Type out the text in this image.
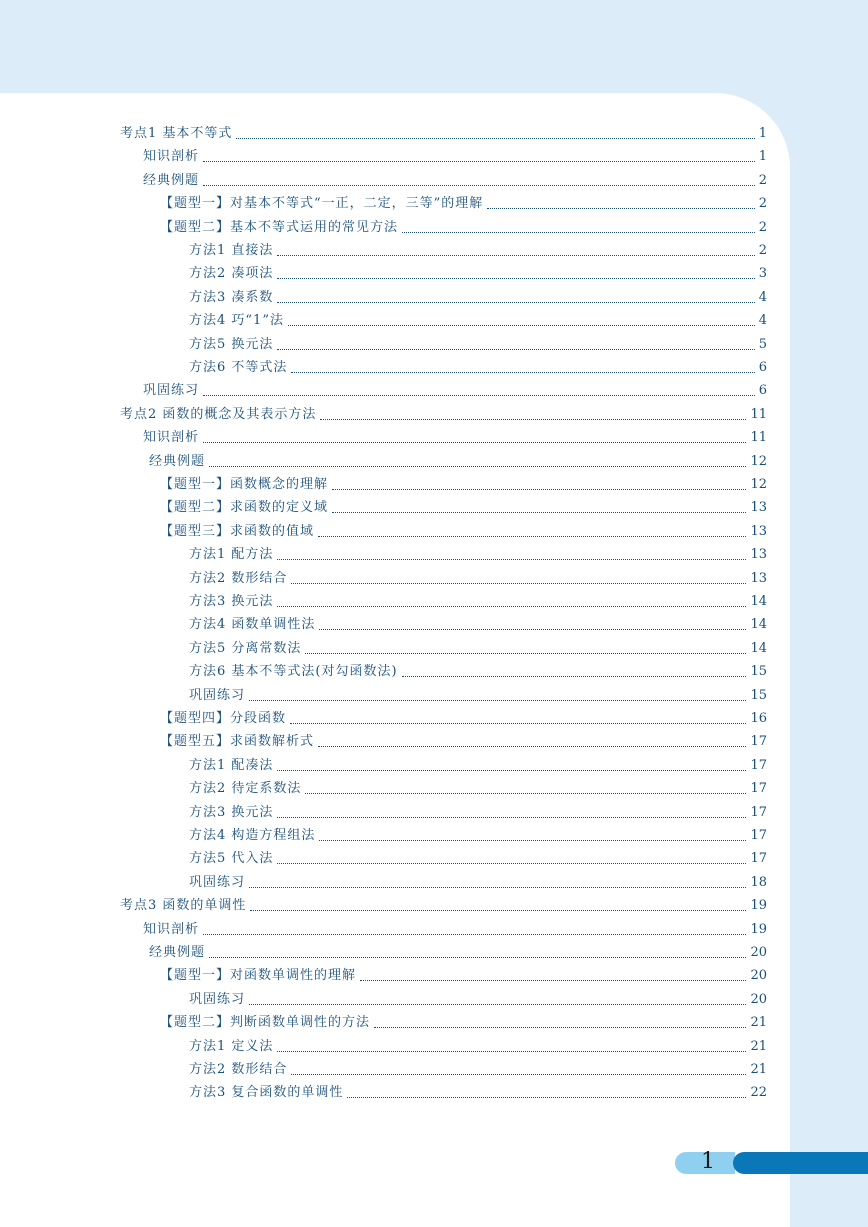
考点1 基本不等式	1
知识剖析	1
经典例题	2
【题型一】对基本不等式“一正，二定，三等”的理解	2
【题型二】基本不等式运用的常见方法	2
方法1 直接法	2
方法2 凑项法	3
方法3 凑系数	4
方法4 巧“1”法	4
方法5 换元法	5
方法6 不等式法	6
巩固练习	6
考点2 函数的概念及其表示方法	11
知识剖析	11
经典例题	12
【题型一】函数概念的理解	12
【题型二】求函数的定义域	13
【题型三】求函数的值域	13
方法1 配方法	13
方法2 数形结合	13
方法3 换元法	14
方法4 函数单调性法	14
方法5 分离常数法	14
方法6 基本不等式法(对勾函数法)	15
巩固练习	15
【题型四】分段函数	16
【题型五】求函数解析式	17
方法1 配凑法	17
方法2 待定系数法	17
方法3 换元法	17
方法4 构造方程组法	17
方法5 代入法	17
巩固练习	18
考点3 函数的单调性	19
知识剖析	19
经典例题	20
【题型一】对函数单调性的理解	20
巩固练习	20
【题型二】判断函数单调性的方法	21
方法1 定义法	21
方法2 数形结合	21
方法3 复合函数的单调性	22
1
